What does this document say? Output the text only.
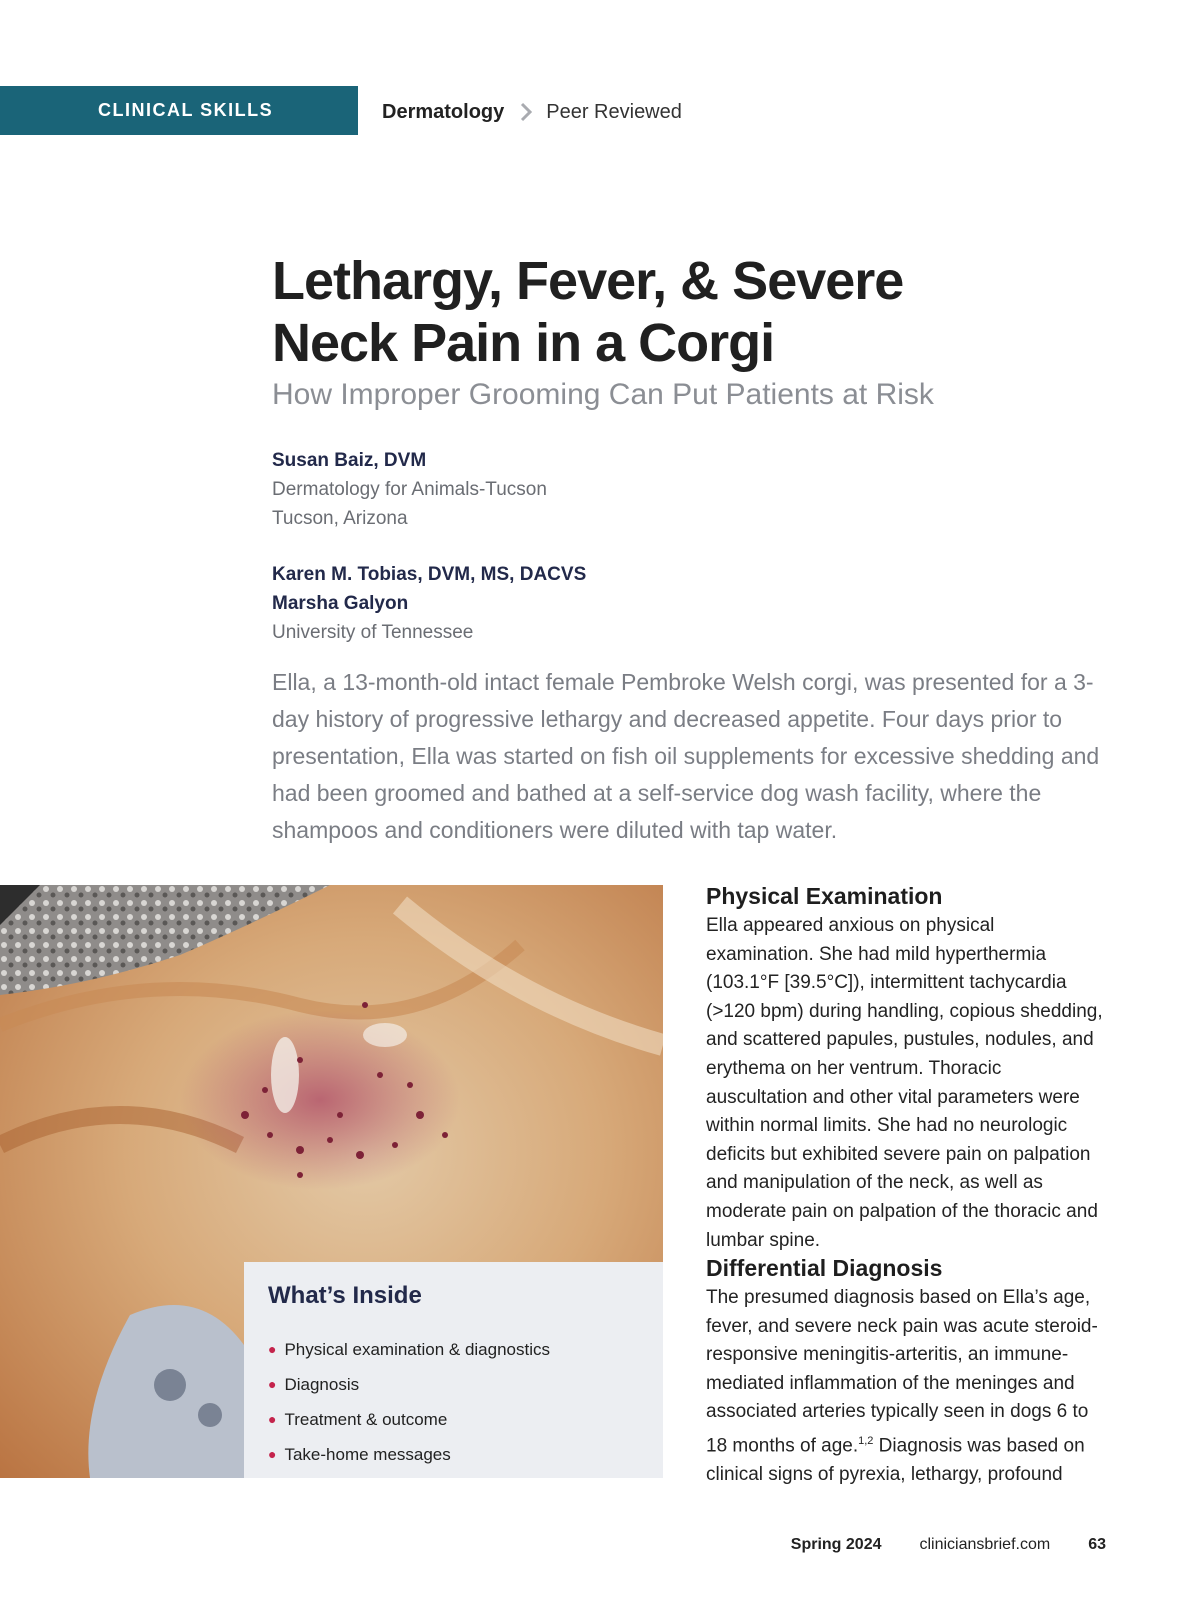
CLINICAL SKILLS	Dermatology Peer Reviewed
Lethargy, Fever, & Severe
Neck Pain in a Corgi

How Improper Grooming Can Put Patients at Risk

Susan Baiz, DVM
Dermatology for Animals-Tucson
Tucson, Arizona
Karen M. Tobias, DVM, MS, DACVS
Marsha Galyon
University of Tennessee

Ella, a 13-month-old intact female Pembroke Welsh corgi, was presented for a 3-day history of progressive lethargy and decreased appetite. Four days prior to presentation, Ella was started on fish oil supplements for excessive shedding and had been groomed and bathed at a self-service dog wash facility, where the shampoos and conditioners were diluted with tap water.

What’s Inside
● Physical examination & diagnostics
● Diagnosis
● Treatment & outcome
● Take-home messages
Physical Examination

Ella appeared anxious on physical examination. She had mild hyperthermia (103.1°F [39.5°C]), intermittent tachycardia (>120 bpm) during handling, copious shedding, and scattered papules, pustules, nodules, and erythema on her ventrum. Thoracic auscultation and other vital parameters were within normal limits. She had no neurologic deficits but exhibited severe pain on palpation and manipulation of the neck, as well as moderate pain on palpation of the thoracic and lumbar spine.

Differential Diagnosis

The presumed diagnosis based on Ella’s age, fever, and severe neck pain was acute steroid-responsive meningitis-arteritis, an immune-mediated inflammation of the meninges and associated arteries typically seen in dogs 6 to 18 months of age.$^{1,2}$ Diagnosis was based on clinical signs of pyrexia, lethargy, profound

Spring 2024 cliniciansbrief.com 63
